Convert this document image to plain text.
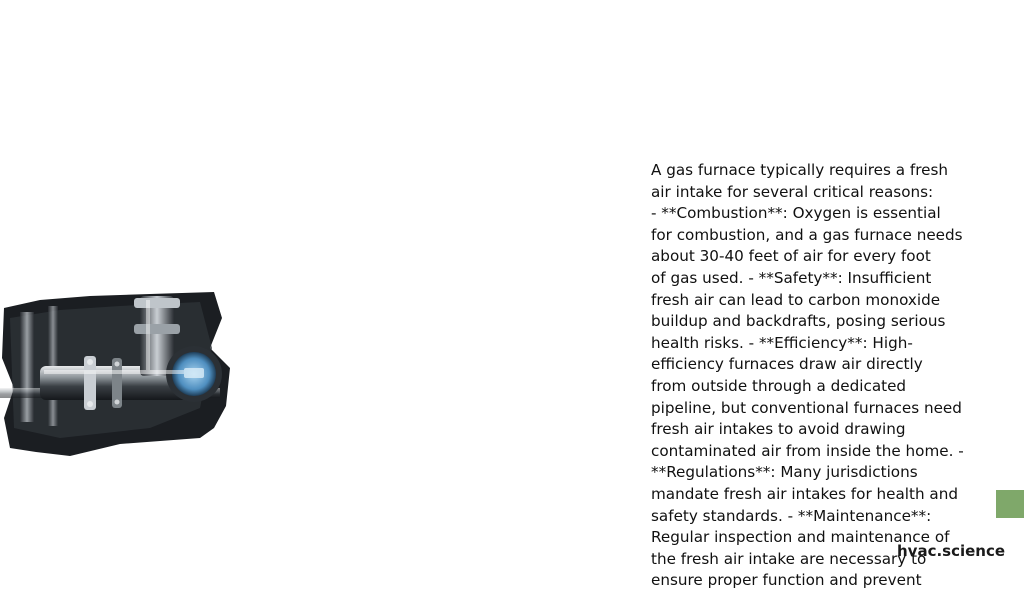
A gas furnace typically requires a fresh
air intake for several critical reasons:
- **Combustion**: Oxygen is essential
for combustion, and a gas furnace needs
about 30-40 feet of air for every foot
of gas used. - **Safety**: Insufficient
fresh air can lead to carbon monoxide
buildup and backdrafts, posing serious
health risks. - **Efficiency**: High-
efficiency furnaces draw air directly
from outside through a dedicated
pipeline, but conventional furnaces need
fresh air intakes to avoid drawing
contaminated air from inside the home. -
**Regulations**: Many jurisdictions
mandate fresh air intakes for health and
safety standards. - **Maintenance**:
Regular inspection and maintenance of
the fresh air intake are necessary to
ensure proper function and prevent
hvac.science
